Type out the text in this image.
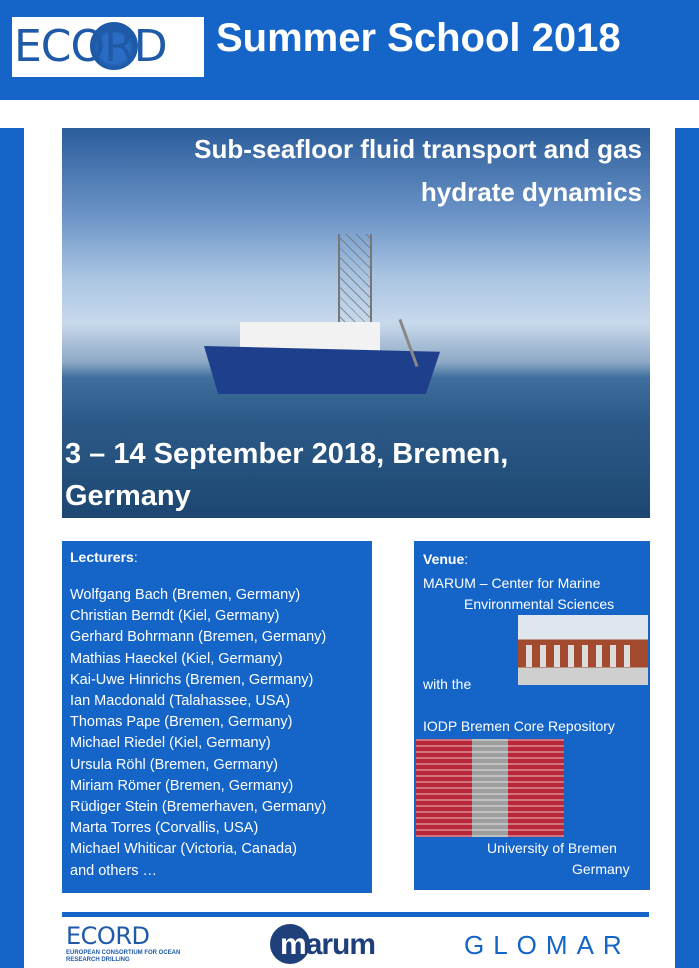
ECORD Summer School 2018
Sub-seafloor fluid transport and gas
hydrate dynamics
3 – 14 September 2018, Bremen,
Germany
Lecturers:
Wolfgang Bach (Bremen, Germany)
Christian Berndt (Kiel, Germany)
Gerhard Bohrmann (Bremen, Germany)
Mathias Haeckel (Kiel, Germany)
Kai-Uwe Hinrichs (Bremen, Germany)
Ian Macdonald (Talahassee, USA)
Thomas Pape (Bremen, Germany)
Michael Riedel (Kiel, Germany)
Ursula Röhl (Bremen, Germany)
Miriam Römer (Bremen, Germany)
Rüdiger Stein (Bremerhaven, Germany)
Marta Torres (Corvallis, USA)
Michael Whiticar (Victoria, Canada)
and others …
Venue:
MARUM – Center for Marine
Environmental Sciences
with the
IODP Bremen Core Repository
University of Bremen
Germany
ECORD
EUROPEAN CONSORTIUM FOR OCEAN RESEARCH DRILLING	marum	GLOMAR
